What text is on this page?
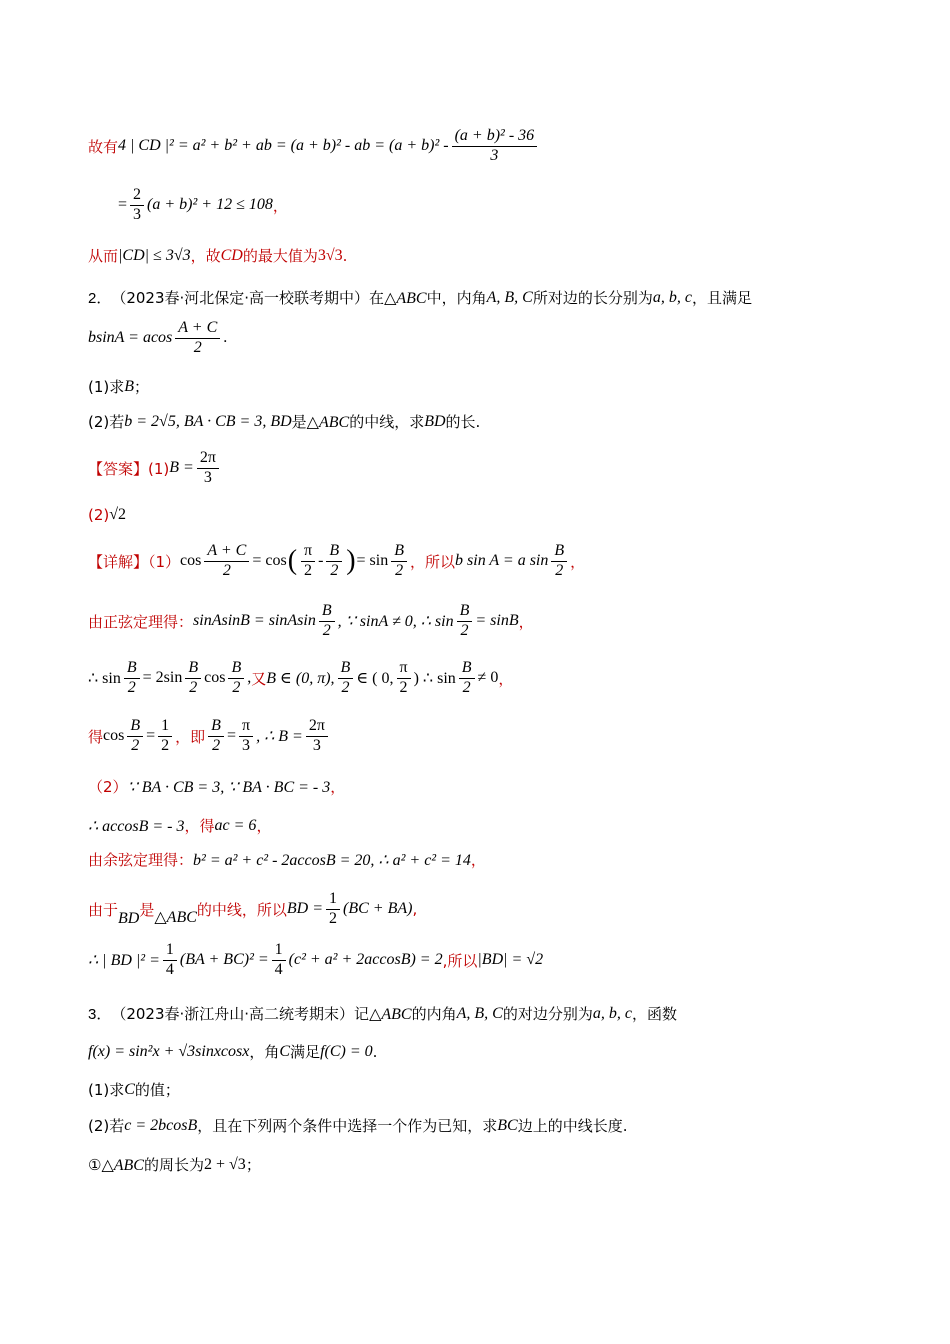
故有 4 | CD |² = a² + b² + ab = (a + b)² - ab = $(a + b)^2 - \frac{\text{(a + b)² - 36}}{3}$
= $\frac{2}{3} (a + b)^2 + 12 \le 108$ ，
从而 |CD| ≤ 3√3 ，故 CD 的最大值为 3√3 .
2． （2023春·河北保定·高一校联考期中）在 △ABC 中，内角 A, B, C 所对边的长分别为 a, b, c ，且满足
bsinA = acos $\frac{A + C}{2}$ .
(1)求 B ；
(2)若 b = 2√5, BA · CB = 3, BD 是 △ABC 的中线，求 BD 的长.
【答案】(1) $B = \frac{2\pi}{3}$
(2) √2
【详解】（1） $\cos \frac{A + C}{2} = \cos$ ( $\frac{\pi}{2} - \frac{B}{2}$ ) = $\sin \frac{B}{2}$ ，所以 b sin A = a $\sin \frac{B}{2}$ ，
由正弦定理得： sinAsinB = sinAsin $\frac{B}{2}$ , ∵ sinA ≠ 0, ∴ $\sin \frac{B}{2} = \sin B$ ，
∴ $\sin \frac{B}{2} = 2\sin \frac{B}{2}$ $\cos \frac{B}{2}$ , 又 B ∈ (0, π), $\frac{B}{2}$ ∈ ( 0, $\frac{\pi}{2}$ ) ∴ $\sin \frac{B}{2} \ne 0$ ，
得 $\cos \frac{B}{2} = \frac{1}{2}$ ，即 $\frac{B}{2} = \frac{\pi}{3}$ , ∴ $B = \frac{2\pi}{3}$
（2） ∵ BA · CB = 3, ∵ BA · BC = - 3 ，
∴ accosB = - 3 ，得 ac = 6 ，
由余弦定理得： b² = a² + c² - 2accosB = 20, ∴ a² + c² = 14 ，
由于 BD 是 △ABC 的中线，所以 BD = $\frac{1}{2} (BC + BA)$ ,
∴ | BD $|^2 = \frac{1}{4} (BA + BC)^2 = \frac{1}{4} (c^2 + a^2 + 2accosB) = 2$ ,所以 |BD| = √2
3． （2023春·浙江舟山·高二统考期末）记 △ABC 的内角 A, B, C 的对边分别为 a, b, c ，函数
f(x) = sin²x + √3sinxcosx ，角 C 满足 f(C) = 0 .
(1)求 C 的值；
(2)若 c = 2bcosB ，且在下列两个条件中选择一个作为已知，求 BC 边上的中线长度.
① △ABC 的周长为 2 + √3 ；
